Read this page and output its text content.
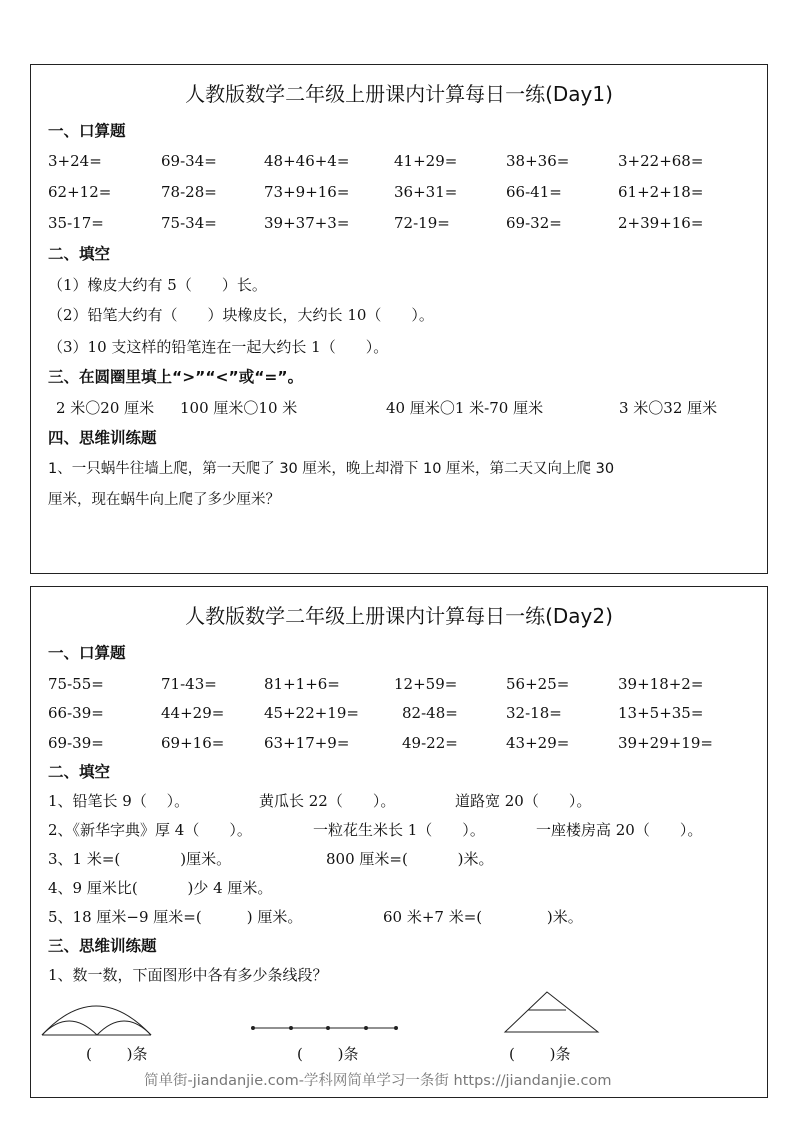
人教版数学二年级上册课内计算每日一练(Day1)
一、口算题
3+24=	69-34=	48+46+4=	41+29=	38+36=	3+22+68=
62+12=	78-28=	73+9+16=	36+31=	66-41=	61+2+18=
35-17=	75-34=	39+37+3=	72-19=	69-32=	2+39+16=
二、填空
（1）橡皮大约有 5（　　）长。
（2）铅笔大约有（　　）块橡皮长，大约长 10（　　）。
（3）10 支这样的铅笔连在一起大约长 1（　　）。
三、在圆圈里填上“>”“<”或“=”。
2 米〇20 厘米 100 厘米〇10 米	40 厘米〇1 米-70 厘米	3 米〇32 厘米
四、思维训练题
1、一只蜗牛往墙上爬，第一天爬了 30 厘米，晚上却滑下 10 厘米，第二天又向上爬 30
厘米，现在蜗牛向上爬了多少厘米？
人教版数学二年级上册课内计算每日一练(Day2)
一、口算题
75-55=	71-43=	81+1+6=	12+59=	56+25=	39+18+2=
66-39=	44+29=	45+22+19=	82-48=	32-18=	13+5+35=
69-39=	69+16=	63+17+9=	49-22=	43+29=	39+29+19=
二、填空
1、铅笔长 9（　 ）。	黄瓜长 22（　　）。	道路宽 20（　　）。
2、《新华字典》厚 4（　　）。	一粒花生米长 1（　　）。	一座楼房高 20（　　）。
3、1 米=(　　　　)厘米。	800 厘米=(　　　 )米。
4、9 厘米比(　　　 )少 4 厘米。
5、18 厘米−9 厘米=(　　　) 厘米。	60 米+7 米=(　　　　 )米。
三、思维训练题
1、数一数，下面图形中各有多少条线段？
(　　 )条	(　　 )条	(　　 )条
简单街-jiandanjie.com-学科网简单学习一条街 https://jiandanjie.com
